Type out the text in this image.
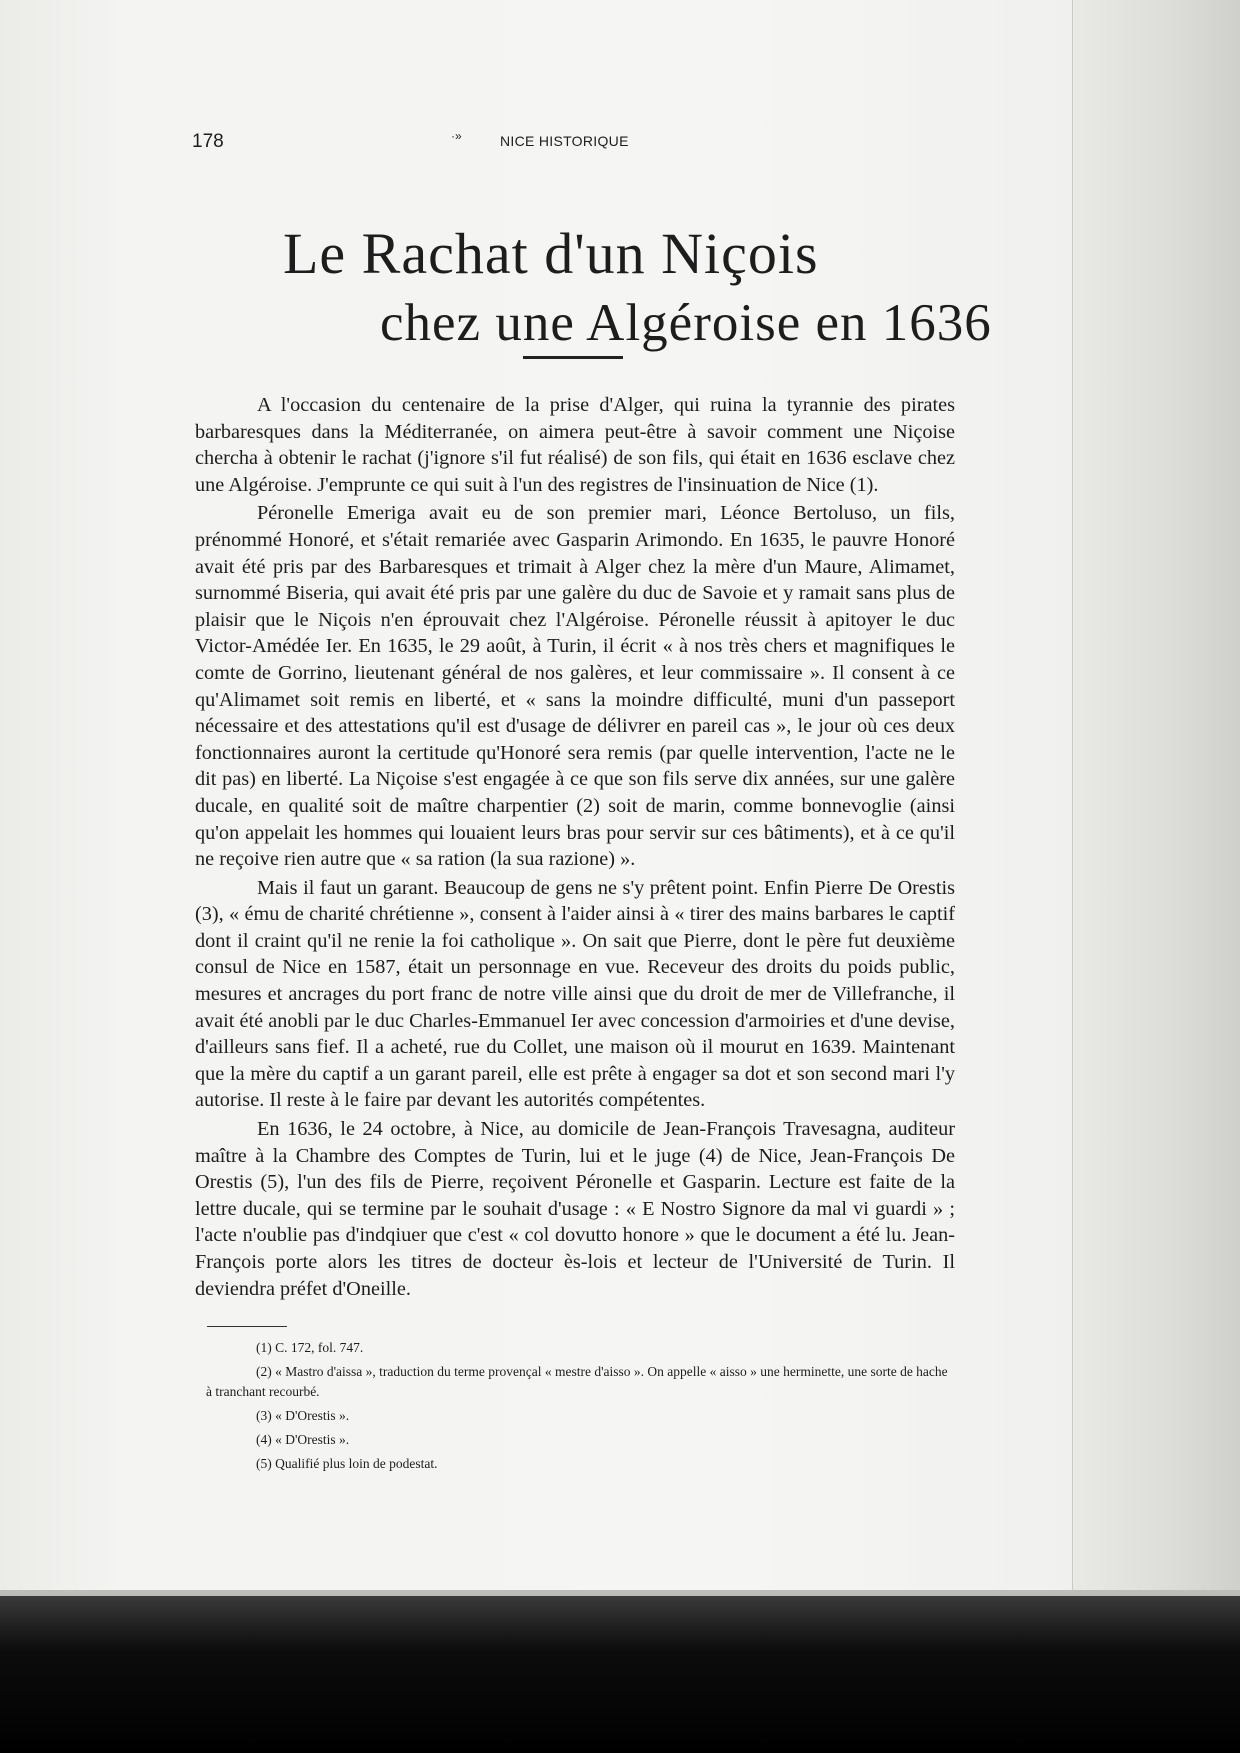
178	·»	NICE HISTORIQUE
Le Rachat d'un Niçois
chez une Algéroise en 1636

A l'occasion du centenaire de la prise d'Alger, qui ruina la tyrannie des pirates barbaresques dans la Méditerranée, on aimera peut-être à savoir comment une Niçoise chercha à obtenir le rachat (j'ignore s'il fut réalisé) de son fils, qui était en 1636 esclave chez une Algéroise. J'emprunte ce qui suit à l'un des registres de l'insinuation de Nice (1).

Péronelle Emeriga avait eu de son premier mari, Léonce Bertoluso, un fils, prénommé Honoré, et s'était remariée avec Gasparin Arimondo. En 1635, le pauvre Honoré avait été pris par des Barbaresques et trimait à Alger chez la mère d'un Maure, Alimamet, surnommé Biseria, qui avait été pris par une galère du duc de Savoie et y ramait sans plus de plaisir que le Niçois n'en éprouvait chez l'Algéroise. Péronelle réussit à apitoyer le duc Victor-Amédée Ier. En 1635, le 29 août, à Turin, il écrit « à nos très chers et magnifiques le comte de Gorrino, lieutenant général de nos galères, et leur commissaire ». Il consent à ce qu'Alimamet soit remis en liberté, et « sans la moindre difficulté, muni d'un passeport nécessaire et des attestations qu'il est d'usage de délivrer en pareil cas », le jour où ces deux fonctionnaires auront la certitude qu'Honoré sera remis (par quelle intervention, l'acte ne le dit pas) en liberté. La Niçoise s'est engagée à ce que son fils serve dix années, sur une galère ducale, en qualité soit de maître charpentier (2) soit de marin, comme bonnevoglie (ainsi qu'on appelait les hommes qui louaient leurs bras pour servir sur ces bâtiments), et à ce qu'il ne reçoive rien autre que « sa ration (la sua razione) ».

Mais il faut un garant. Beaucoup de gens ne s'y prêtent point. Enfin Pierre De Orestis (3), « ému de charité chrétienne », consent à l'aider ainsi à « tirer des mains barbares le captif dont il craint qu'il ne renie la foi catholique ». On sait que Pierre, dont le père fut deuxième consul de Nice en 1587, était un personnage en vue. Receveur des droits du poids public, mesures et ancrages du port franc de notre ville ainsi que du droit de mer de Villefranche, il avait été anobli par le duc Charles-Emmanuel Ier avec concession d'armoiries et d'une devise, d'ailleurs sans fief. Il a acheté, rue du Collet, une maison où il mourut en 1639. Maintenant que la mère du captif a un garant pareil, elle est prête à engager sa dot et son second mari l'y autorise. Il reste à le faire par devant les autorités compétentes.

En 1636, le 24 octobre, à Nice, au domicile de Jean-François Travesagna, auditeur maître à la Chambre des Comptes de Turin, lui et le juge (4) de Nice, Jean-François De Orestis (5), l'un des fils de Pierre, reçoivent Péronelle et Gasparin. Lecture est faite de la lettre ducale, qui se termine par le souhait d'usage : « E Nostro Signore da mal vi guardi » ; l'acte n'oublie pas d'indqiuer que c'est « col dovutto honore » que le document a été lu. Jean-François porte alors les titres de docteur ès-lois et lecteur de l'Université de Turin. Il deviendra préfet d'Oneille.

(1) C. 172, fol. 747.

(2) « Mastro d'aissa », traduction du terme provençal « mestre d'aisso ». On appelle « aisso » une herminette, une sorte de hache à tranchant recourbé.

(3) « D'Orestis ».

(4) « D'Orestis ».

(5) Qualifié plus loin de podestat.
